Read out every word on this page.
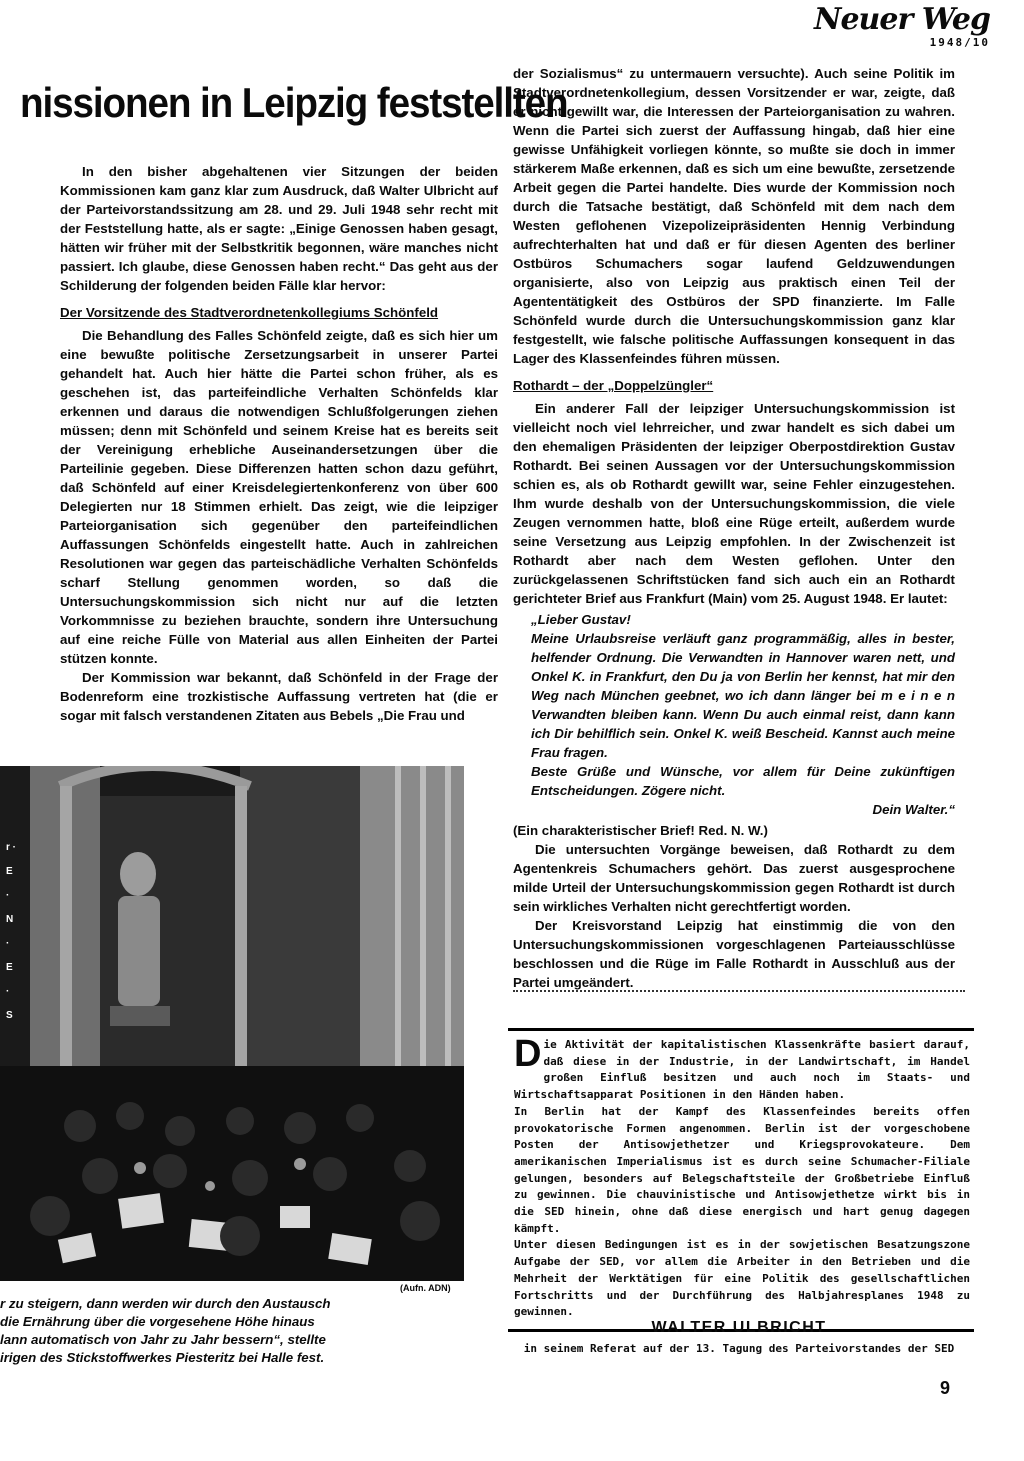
Neuer Weg
1948/10
nissionen in Leipzig feststellten

In den bisher abgehaltenen vier Sitzungen der beiden Kommissionen kam ganz klar zum Ausdruck, daß Walter Ulbricht auf der Parteivorstandssitzung am 28. und 29. Juli 1948 sehr recht mit der Feststellung hatte, als er sagte: „Einige Genossen haben gesagt, hätten wir früher mit der Selbstkritik begonnen, wäre manches nicht passiert. Ich glaube, diese Genossen haben recht.“ Das geht aus der Schilderung der folgenden beiden Fälle klar hervor:

Der Vorsitzende des Stadtverordnetenkollegiums Schönfeld

Die Behandlung des Falles Schönfeld zeigte, daß es sich hier um eine bewußte politische Zersetzungsarbeit in unserer Partei gehandelt hat. Auch hier hätte die Partei schon früher, als es geschehen ist, das parteifeindliche Verhalten Schönfelds klar erkennen und daraus die notwendigen Schlußfolgerungen ziehen müssen; denn mit Schönfeld und seinem Kreise hat es bereits seit der Vereinigung erhebliche Auseinandersetzungen über die Parteilinie gegeben. Diese Differenzen hatten schon dazu geführt, daß Schönfeld auf einer Kreisdelegiertenkonferenz von über 600 Delegierten nur 18 Stimmen erhielt. Das zeigt, wie die leipziger Parteiorganisation sich gegenüber den parteifeindlichen Auffassungen Schönfelds eingestellt hatte. Auch in zahlreichen Resolutionen war gegen das parteischädliche Verhalten Schönfelds scharf Stellung genommen worden, so daß die Untersuchungskommission sich nicht nur auf die letzten Vorkommnisse zu beziehen brauchte, sondern ihre Untersuchung auf eine reiche Fülle von Material aus allen Einheiten der Partei stützen konnte.

Der Kommission war bekannt, daß Schönfeld in der Frage der Bodenreform eine trozkistische Auffassung vertreten hat (die er sogar mit falsch verstandenen Zitaten aus Bebels „Die Frau und

der Sozialismus“ zu untermauern versuchte). Auch seine Politik im Stadtverordnetenkollegium, dessen Vorsitzender er war, zeigte, daß er nicht gewillt war, die Interessen der Parteiorganisation zu wahren. Wenn die Partei sich zuerst der Auffassung hingab, daß hier eine gewisse Unfähigkeit vorliegen könnte, so mußte sie doch in immer stärkerem Maße erkennen, daß es sich um eine bewußte, zersetzende Arbeit gegen die Partei handelte. Dies wurde der Kommission noch durch die Tatsache bestätigt, daß Schönfeld mit dem nach dem Westen geflohenen Vizepolizeipräsidenten Hennig Verbindung aufrechterhalten hat und daß er für diesen Agenten des berliner Ostbüros Schumachers sogar laufend Geldzuwendungen organisierte, also von Leipzig aus praktisch einen Teil der Agententätigkeit des Ostbüros der SPD finanzierte. Im Falle Schönfeld wurde durch die Untersuchungskommission ganz klar festgestellt, wie falsche politische Auffassungen konsequent in das Lager des Klassenfeindes führen müssen.

Rothardt – der „Doppelzüngler“

Ein anderer Fall der leipziger Untersuchungskommission ist vielleicht noch viel lehrreicher, und zwar handelt es sich dabei um den ehemaligen Präsidenten der leipziger Oberpostdirektion Gustav Rothardt. Bei seinen Aussagen vor der Untersuchungskommission schien es, als ob Rothardt gewillt war, seine Fehler einzugestehen. Ihm wurde deshalb von der Untersuchungskommission, die viele Zeugen vernommen hatte, bloß eine Rüge erteilt, außerdem wurde seine Versetzung aus Leipzig empfohlen. In der Zwischenzeit ist Rothardt aber nach dem Westen geflohen. Unter den zurückgelassenen Schriftstücken fand sich auch ein an Rothardt gerichteter Brief aus Frankfurt (Main) vom 25. August 1948. Er lautet:

„Lieber Gustav!

Meine Urlaubsreise verläuft ganz programmäßig, alles in bester, helfender Ordnung. Die Verwandten in Hannover waren nett, und Onkel K. in Frankfurt, den Du ja von Berlin her kennst, hat mir den Weg nach München geebnet, wo ich dann länger bei m e i n e n Verwandten bleiben kann. Wenn Du auch einmal reist, dann kann ich Dir behilflich sein. Onkel K. weiß Bescheid. Kannst auch meine Frau fragen.

Beste Grüße und Wünsche, vor allem für Deine zukünftigen Entscheidungen. Zögere nicht.

Dein Walter.“

(Ein charakteristischer Brief! Red. N. W.)

Die untersuchten Vorgänge beweisen, daß Rothardt zu dem Agentenkreis Schumachers gehört. Das zuerst ausgesprochene milde Urteil der Untersuchungskommission gegen Rothardt ist durch sein wirkliches Verhalten nicht gerechtfertigt worden.

Der Kreisvorstand Leipzig hat einstimmig die von den Untersuchungskommissionen vorgeschlagenen Parteiausschlüsse beschlossen und die Rüge im Falle Rothardt in Ausschluß aus der Partei umgeändert.

r · E · N · E · S
(Aufn. ADN)
r zu steigern, dann werden wir durch den Austausch
die Ernährung über die vorgesehene Höhe hinaus
lann automatisch von Jahr zu Jahr bessern“, stellte
irigen des Stickstoffwerkes Piesteritz bei Halle fest.

Die Aktivität der kapitalistischen Klassenkräfte basiert darauf, daß diese in der Industrie, in der Landwirtschaft, im Handel großen Einfluß besitzen und auch noch im Staats- und Wirtschaftsapparat Positionen in den Händen haben.

In Berlin hat der Kampf des Klassenfeindes bereits offen provokatorische Formen angenommen. Berlin ist der vorgeschobene Posten der Antisowjethetzer und Kriegsprovokateure. Dem amerikanischen Imperialismus ist es durch seine Schumacher-Filiale gelungen, besonders auf Belegschaftsteile der Großbetriebe Einfluß zu gewinnen. Die chauvinistische und Antisowjethetze wirkt bis in die SED hinein, ohne daß diese energisch und hart genug dagegen kämpft.

Unter diesen Bedingungen ist es in der sowjetischen Besatzungszone Aufgabe der SED, vor allem die Arbeiter in den Betrieben und die Mehrheit der Werktätigen für eine Politik des gesellschaftlichen Fortschritts und der Durchführung des Halbjahresplanes 1948 zu gewinnen.

WALTER ULBRICHT
in seinem Referat auf der 13. Tagung des Parteivorstandes der SED
9
